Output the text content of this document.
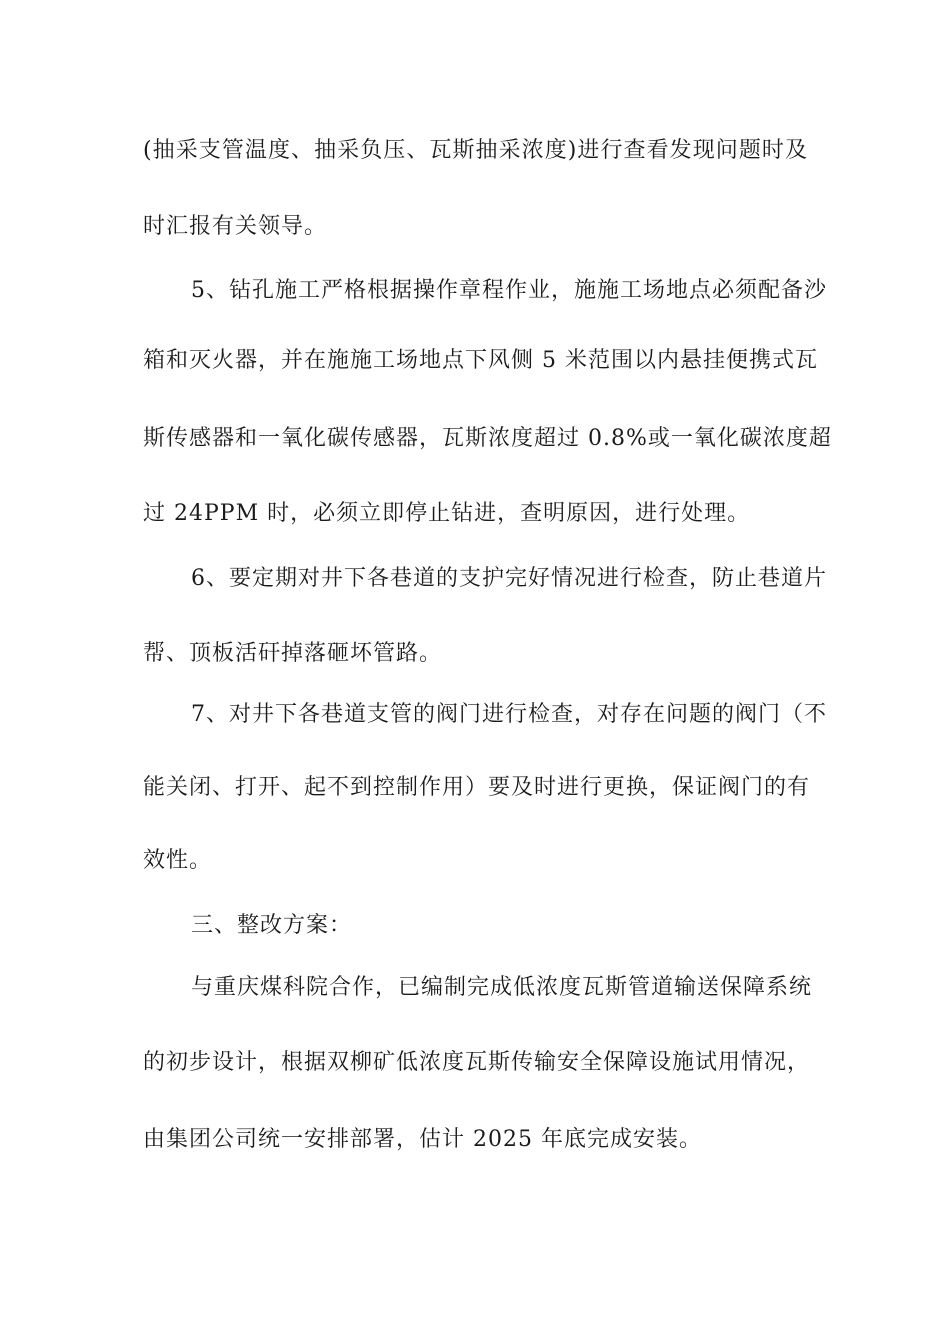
(抽采支管温度、抽采负压、瓦斯抽采浓度)进行查看发现问题时及
时汇报有关领导。
5、钻孔施工严格根据操作章程作业，施施工场地点必须配备沙
箱和灭火器，并在施施工场地点下风侧 5 米范围以内悬挂便携式瓦
斯传感器和一氧化碳传感器，瓦斯浓度超过 0.8%或一氧化碳浓度超
过 24PPM 时，必须立即停止钻进，查明原因，进行处理。
6、要定期对井下各巷道的支护完好情况进行检查，防止巷道片
帮、顶板活矸掉落砸坏管路。
7、对井下各巷道支管的阀门进行检查，对存在问题的阀门（不
能关闭、打开、起不到控制作用）要及时进行更换，保证阀门的有
效性。
三、整改方案：
与重庆煤科院合作，已编制完成低浓度瓦斯管道输送保障系统
的初步设计，根据双柳矿低浓度瓦斯传输安全保障设施试用情况，
由集团公司统一安排部署，估计 2025 年底完成安装。
